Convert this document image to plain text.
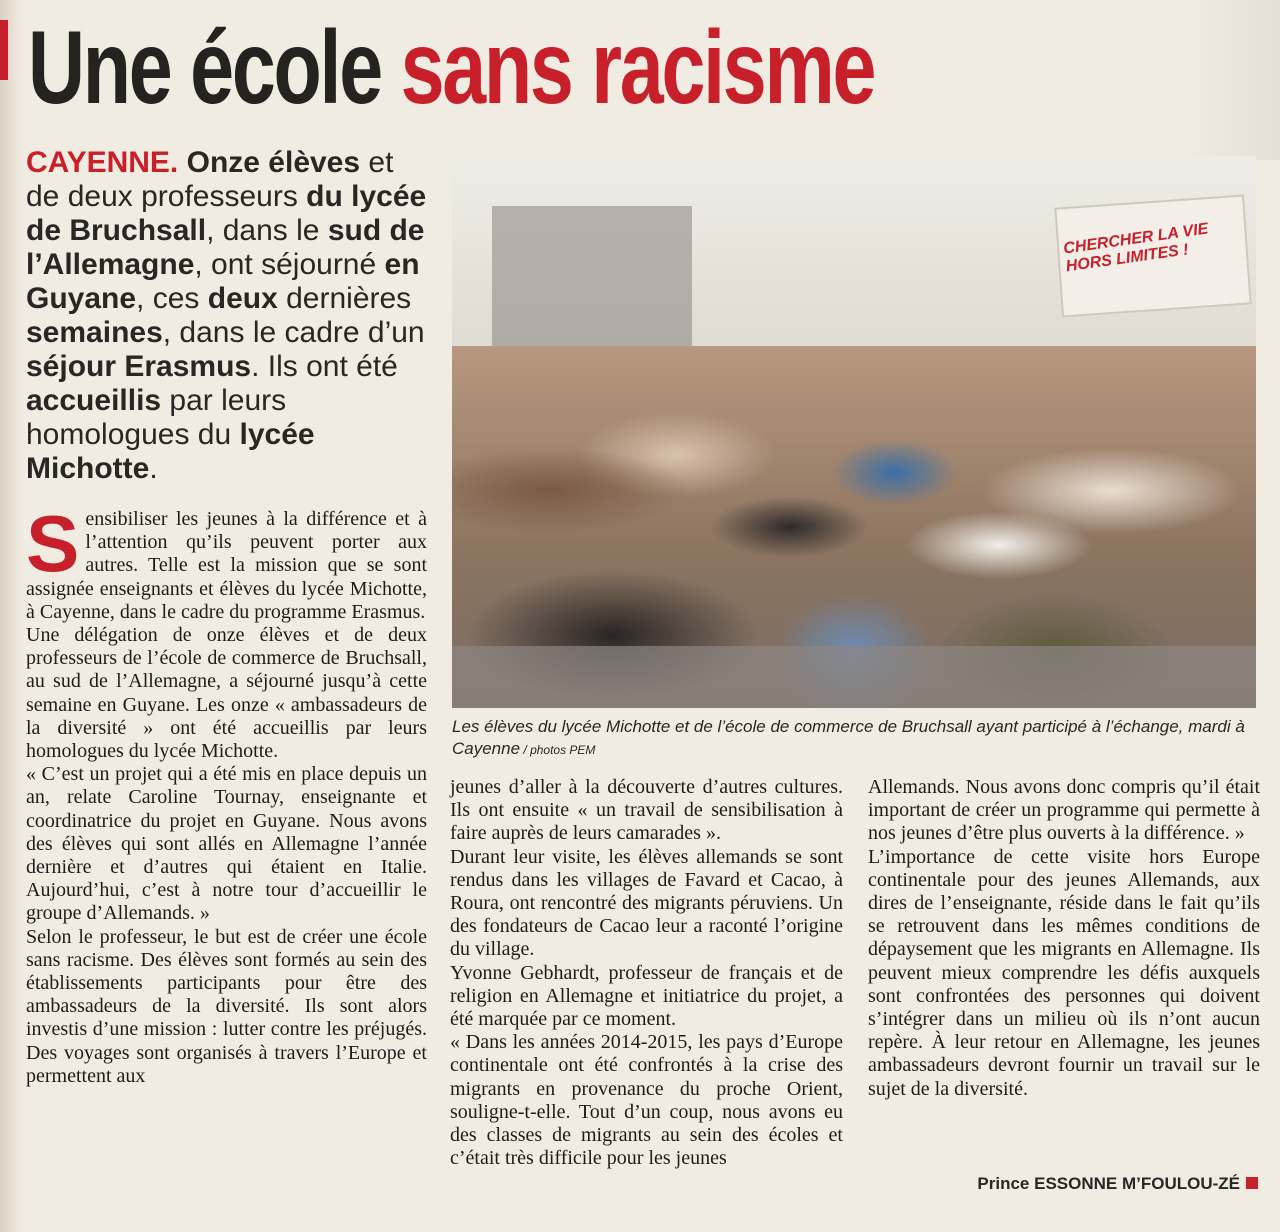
Une école sans racisme
CAYENNE. Onze élèves et de deux professeurs du lycée de Bruchsall, dans le sud de l’Allemagne, ont séjourné en Guyane, ces deux dernières semaines, dans le cadre d’un séjour Erasmus. Ils ont été accueillis par leurs homologues du lycée Michotte.
CHERCHER LA VIE HORS LIMITES !
Les élèves du lycée Michotte et de l’école de commerce de Bruchsall ayant participé à l’échange, mardi à Cayenne / photos PEM
S ensibiliser les jeunes à la différence et à l’attention qu’ils peuvent porter aux autres. Telle est la mission que se sont assignée enseignants et élèves du lycée Michotte, à Cayenne, dans le cadre du programme Erasmus.

Une délégation de onze élèves et de deux professeurs de l’école de commerce de Bruchsall, au sud de l’Allemagne, a séjourné jusqu’à cette semaine en Guyane. Les onze « ambassadeurs de la diversité » ont été accueillis par leurs homologues du lycée Michotte.

« C’est un projet qui a été mis en place depuis un an, relate Caroline Tournay, enseignante et coordinatrice du projet en Guyane. Nous avons des élèves qui sont allés en Allemagne l’année dernière et d’autres qui étaient en Italie. Aujourd’hui, c’est à notre tour d’accueillir le groupe d’Allemands. »

Selon le professeur, le but est de créer une école sans racisme. Des élèves sont formés au sein des établissements participants pour être des ambassadeurs de la diversité. Ils sont alors investis d’une mission : lutter contre les préjugés. Des voyages sont organisés à travers l’Europe et permettent aux

jeunes d’aller à la découverte d’autres cultures. Ils ont ensuite « un travail de sensibilisation à faire auprès de leurs camarades ».

Durant leur visite, les élèves allemands se sont rendus dans les villages de Favard et Cacao, à Roura, ont rencontré des migrants péruviens. Un des fondateurs de Cacao leur a raconté l’origine du village.

Yvonne Gebhardt, professeur de français et de religion en Allemagne et initiatrice du projet, a été marquée par ce moment.

« Dans les années 2014-2015, les pays d’Europe continentale ont été confrontés à la crise des migrants en provenance du proche Orient, souligne-t-elle. Tout d’un coup, nous avons eu des classes de migrants au sein des écoles et c’était très difficile pour les jeunes

Allemands. Nous avons donc compris qu’il était important de créer un programme qui permette à nos jeunes d’être plus ouverts à la différence. »

L’importance de cette visite hors Europe continentale pour des jeunes Allemands, aux dires de l’enseignante, réside dans le fait qu’ils se retrouvent dans les mêmes conditions de dépaysement que les migrants en Allemagne. Ils peuvent mieux comprendre les défis auxquels sont confrontées des personnes qui doivent s’intégrer dans un milieu où ils n’ont aucun repère. À leur retour en Allemagne, les jeunes ambassadeurs devront fournir un travail sur le sujet de la diversité.

Prince ESSONNE M’FOULOU-ZÉ
